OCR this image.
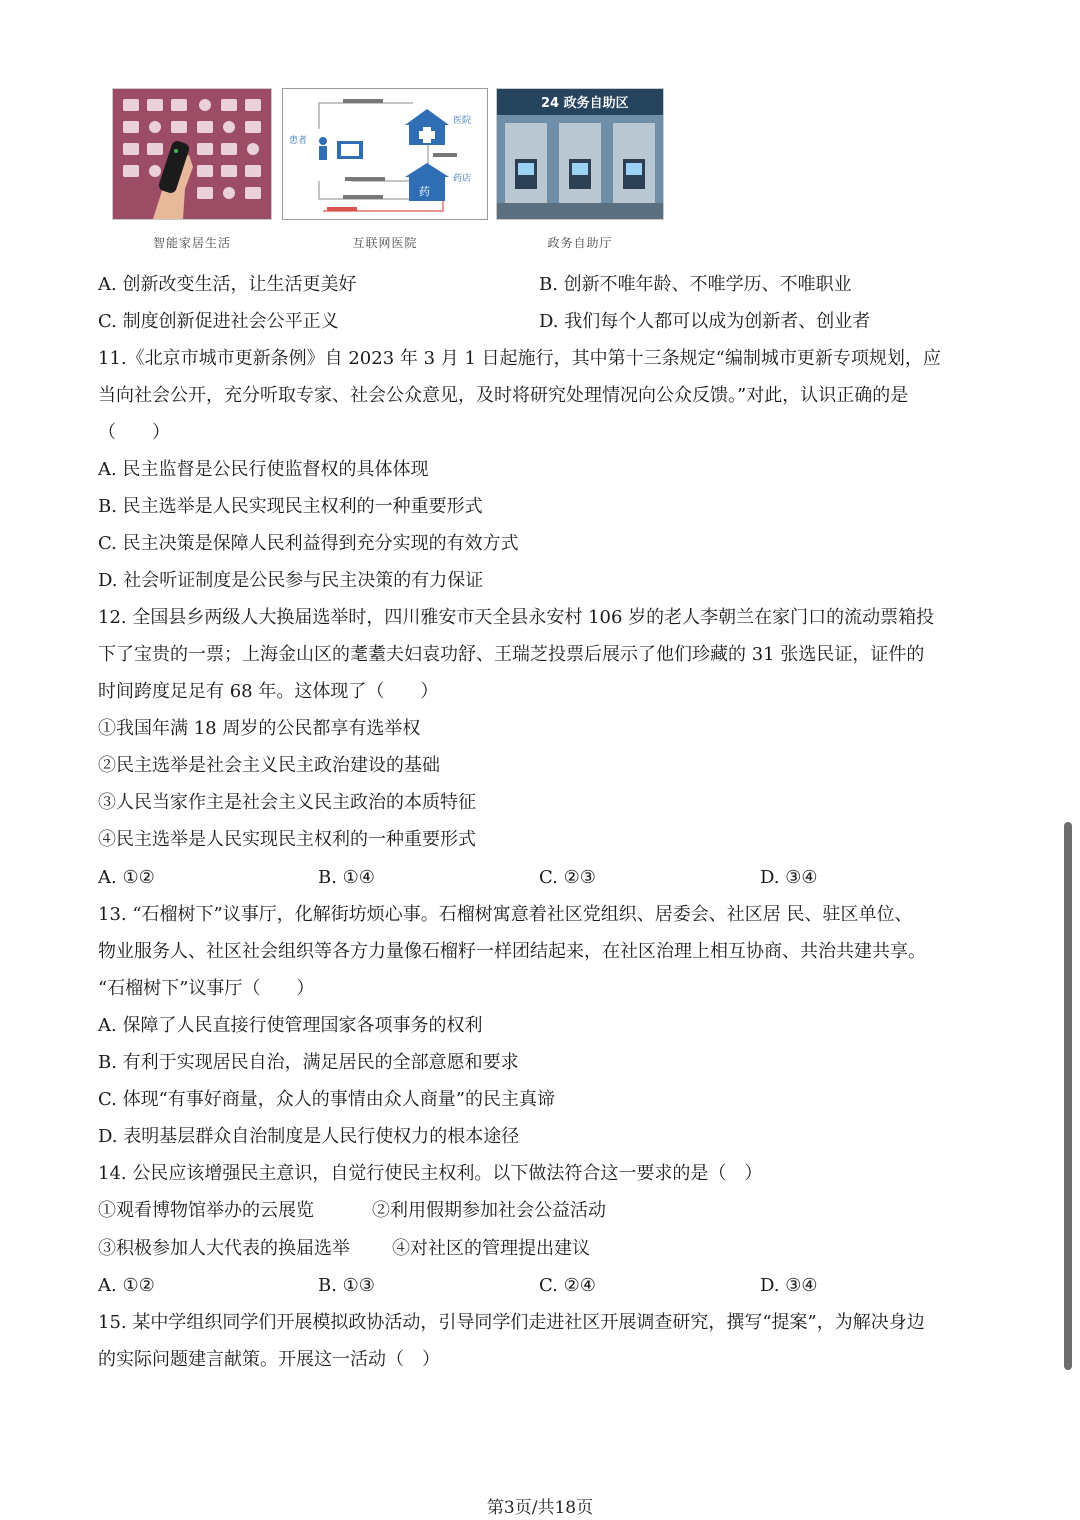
智能家居生活
患者
医院
药
药店
互联网医院
24 政务自助区
政务自助厅
A. 创新改变生活，让生活更美好	B. 创新不唯年龄、不唯学历、不唯职业
C. 制度创新促进社会公平正义	D. 我们每个人都可以成为创新者、创业者
11.《北京市城市更新条例》自 2023 年 3 月 1 日起施行，其中第十三条规定“编制城市更新专项规划，应
当向社会公开，充分听取专家、社会公众意见，及时将研究处理情况向公众反馈。”对此，认识正确的是
（　　）
A. 民主监督是公民行使监督权的具体体现
B. 民主选举是人民实现民主权利的一种重要形式
C. 民主决策是保障人民利益得到充分实现的有效方式
D. 社会听证制度是公民参与民主决策的有力保证
12. 全国县乡两级人大换届选举时，四川雅安市天全县永安村 106 岁的老人李朝兰在家门口的流动票箱投
下了宝贵的一票；上海金山区的耄耋夫妇袁功舒、王瑞芝投票后展示了他们珍藏的 31 张选民证，证件的
时间跨度足足有 68 年。这体现了（　　）
①我国年满 18 周岁的公民都享有选举权
②民主选举是社会主义民主政治建设的基础
③人民当家作主是社会主义民主政治的本质特征
④民主选举是人民实现民主权利的一种重要形式
A. ①②	B. ①④	C. ②③	D. ③④
13. “石榴树下”议事厅，化解街坊烦心事。石榴树寓意着社区党组织、居委会、社区居 民、驻区单位、
物业服务人、社区社会组织等各方力量像石榴籽一样团结起来，在社区治理上相互协商、共治共建共享。
“石榴树下”议事厅（　　）
A. 保障了人民直接行使管理国家各项事务的权利
B. 有利于实现居民自治，满足居民的全部意愿和要求
C. 体现“有事好商量，众人的事情由众人商量”的民主真谛
D. 表明基层群众自治制度是人民行使权力的根本途径
14. 公民应该增强民主意识，自觉行使民主权利。以下做法符合这一要求的是（　）
①观看博物馆举办的云展览	②利用假期参加社会公益活动
③积极参加人大代表的换届选举 ④对社区的管理提出建议
A. ①②	B. ①③	C. ②④	D. ③④
15. 某中学组织同学们开展模拟政协活动，引导同学们走进社区开展调查研究，撰写“提案”，为解决身边
的实际问题建言献策。开展这一活动（　）
第3页/共18页
